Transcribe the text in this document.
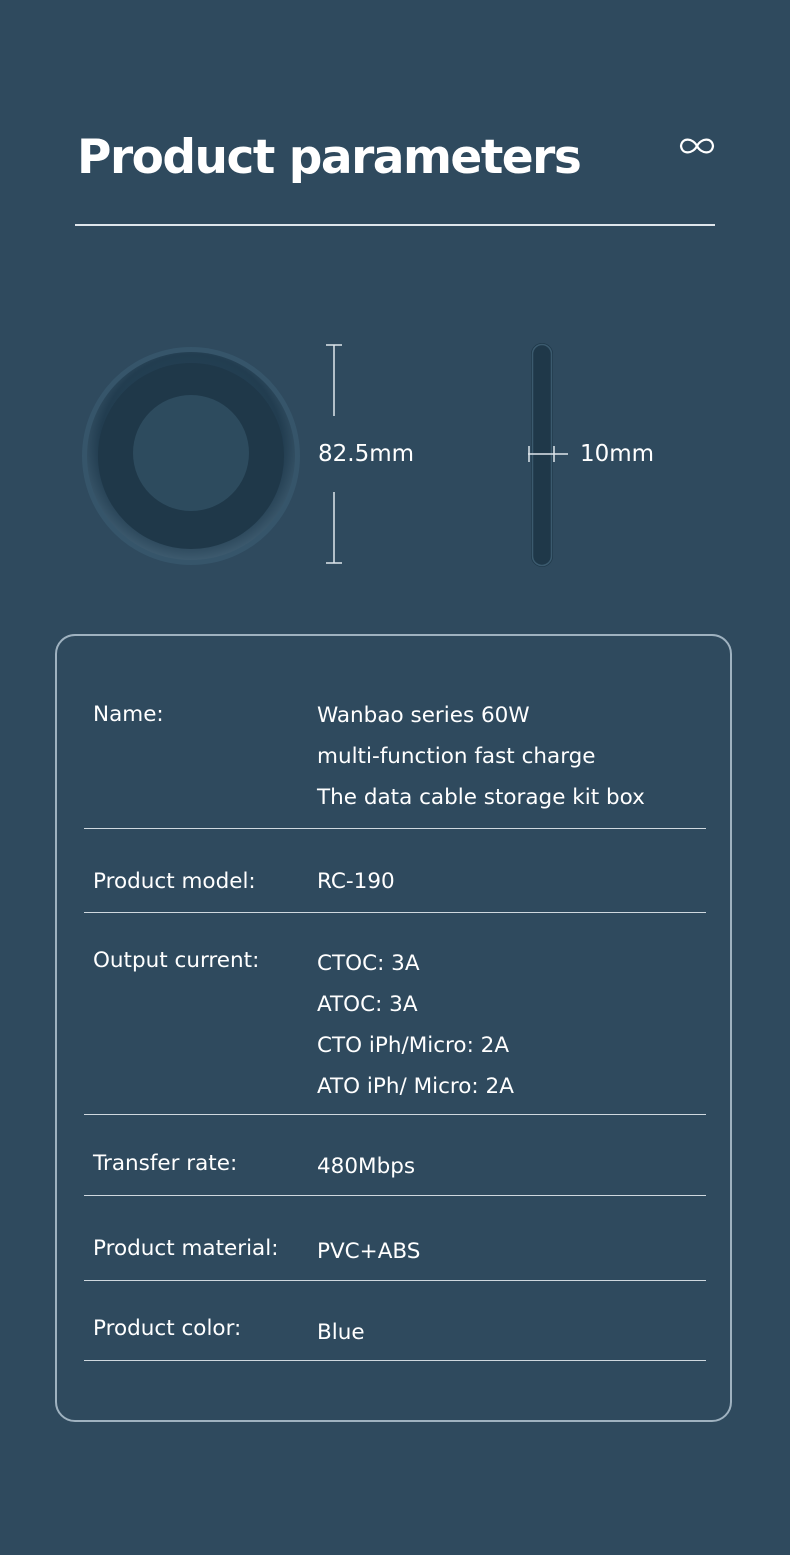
Product parameters
82.5mm	10mm
Name:	Wanbao series 60W
multi-function fast charge
The data cable storage kit box
Product model:	RC-190
Output current:	CTOC: 3A
ATOC: 3A
CTO iPh/Micro: 2A
ATO iPh/ Micro: 2A
Transfer rate:	480Mbps
Product material: PVC+ABS
Product color:	Blue
